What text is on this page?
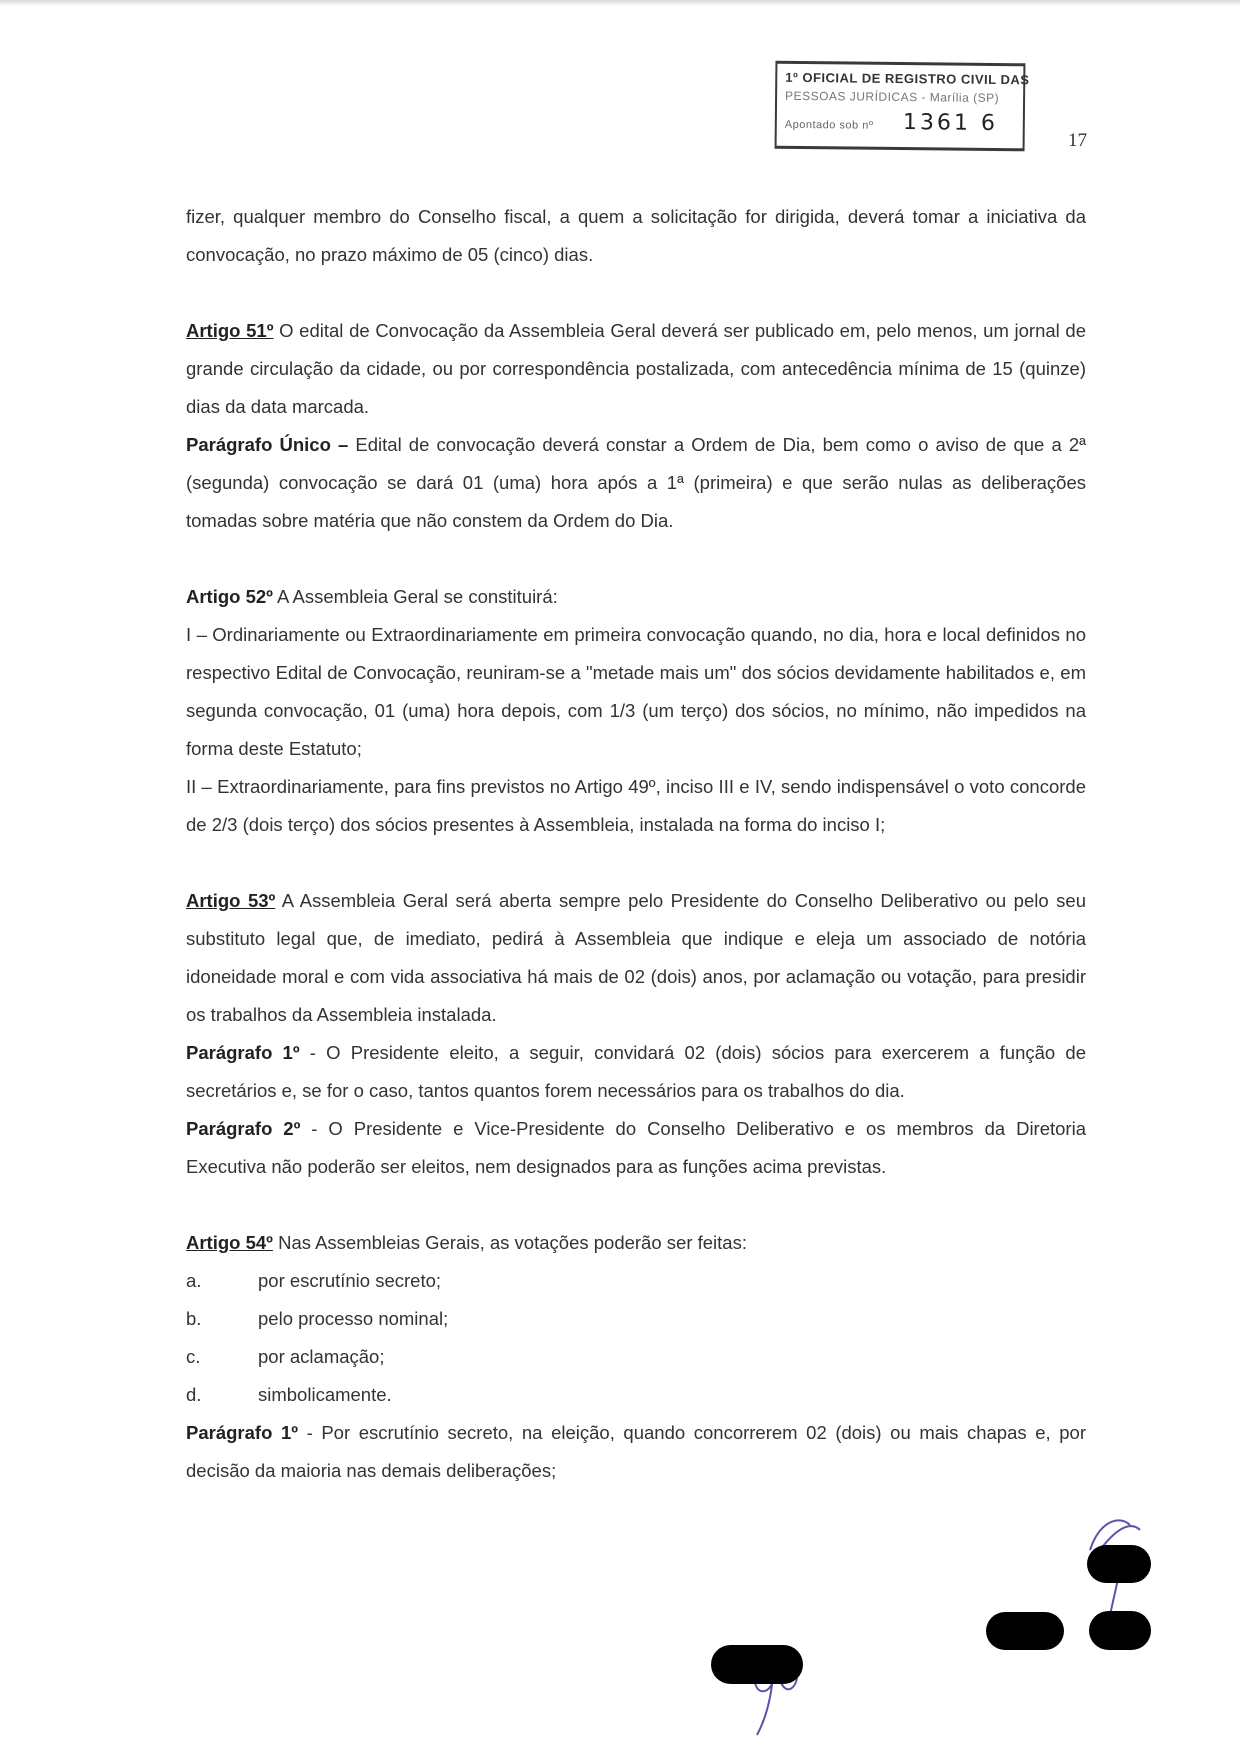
1º OFICIAL DE REGISTRO CIVIL DAS
PESSOAS JURÍDICAS - Marília (SP)
Apontado sob nº 1361 6
17

fizer, qualquer membro do Conselho fiscal, a quem a solicitação for dirigida, deverá tomar a iniciativa da convocação, no prazo máximo de 05 (cinco) dias.

Artigo 51º O edital de Convocação da Assembleia Geral deverá ser publicado em, pelo menos, um jornal de grande circulação da cidade, ou por correspondência postalizada, com antecedência mínima de 15 (quinze) dias da data marcada.

Parágrafo Único – Edital de convocação deverá constar a Ordem de Dia, bem como o aviso de que a 2ª (segunda) convocação se dará 01 (uma) hora após a 1ª (primeira) e que serão nulas as deliberações tomadas sobre matéria que não constem da Ordem do Dia.

Artigo 52º A Assembleia Geral se constituirá:

I – Ordinariamente ou Extraordinariamente em primeira convocação quando, no dia, hora e local definidos no respectivo Edital de Convocação, reuniram-se a "metade mais um" dos sócios devidamente habilitados e, em segunda convocação, 01 (uma) hora depois, com 1/3 (um terço) dos sócios, no mínimo, não impedidos na forma deste Estatuto;

II – Extraordinariamente, para fins previstos no Artigo 49º, inciso III e IV, sendo indispensável o voto concorde de 2/3 (dois terço) dos sócios presentes à Assembleia, instalada na forma do inciso I;

Artigo 53º A Assembleia Geral será aberta sempre pelo Presidente do Conselho Deliberativo ou pelo seu substituto legal que, de imediato, pedirá à Assembleia que indique e eleja um associado de notória idoneidade moral e com vida associativa há mais de 02 (dois) anos, por aclamação ou votação, para presidir os trabalhos da Assembleia instalada.

Parágrafo 1º - O Presidente eleito, a seguir, convidará 02 (dois) sócios para exercerem a função de secretários e, se for o caso, tantos quantos forem necessários para os trabalhos do dia.

Parágrafo 2º - O Presidente e Vice-Presidente do Conselho Deliberativo e os membros da Diretoria Executiva não poderão ser eleitos, nem designados para as funções acima previstas.

Artigo 54º Nas Assembleias Gerais, as votações poderão ser feitas:

a.	por escrutínio secreto;
b.	pelo processo nominal;
c.	por aclamação;
d.	simbolicamente.

Parágrafo 1º - Por escrutínio secreto, na eleição, quando concorrerem 02 (dois) ou mais chapas e, por decisão da maioria nas demais deliberações;
